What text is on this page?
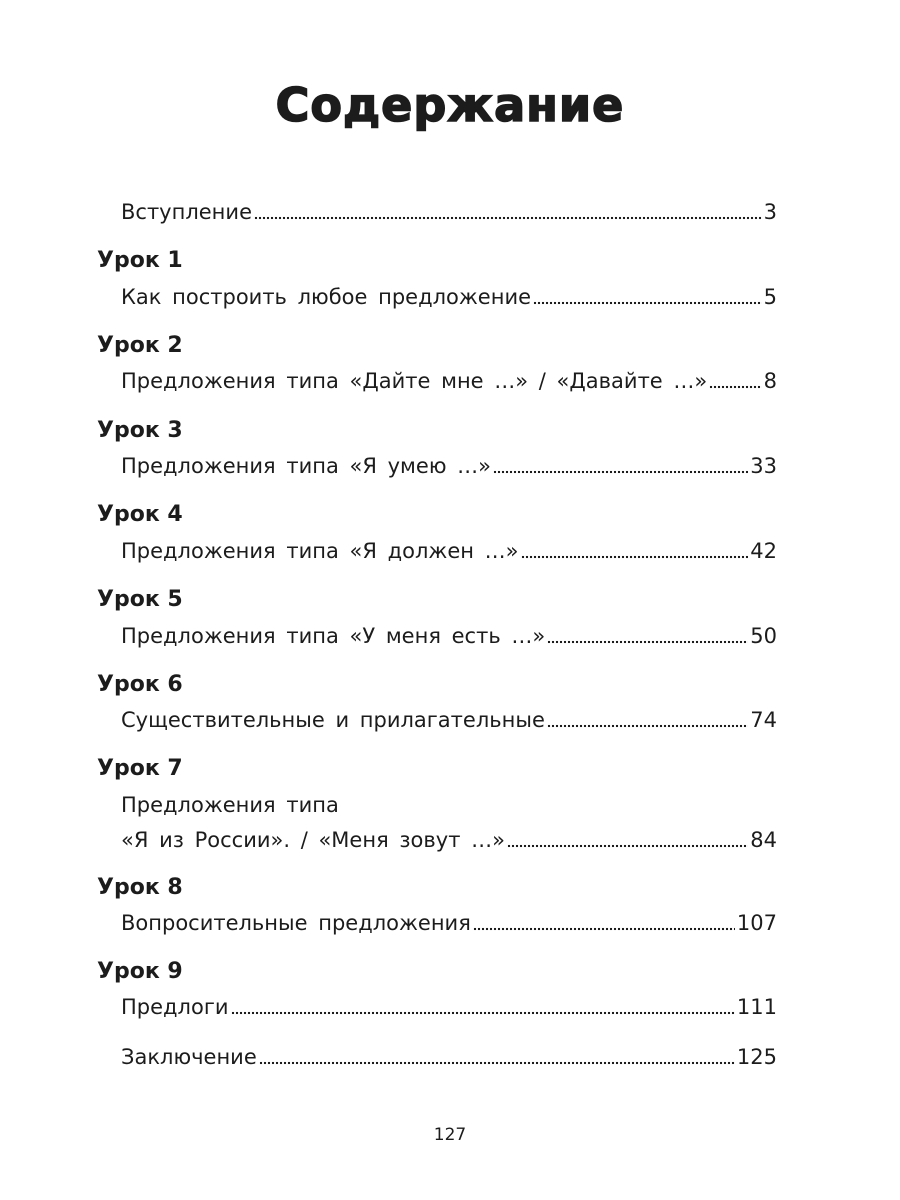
Содержание
Вступление	3
Урок 1
Как построить любое предложение	5
Урок 2
Предложения типа «Дайте мне …» / «Давайте …»	8
Урок 3
Предложения типа «Я умею …»	33
Урок 4
Предложения типа «Я должен …»	42
Урок 5
Предложения типа «У меня есть …»	50
Урок 6
Существительные и прилагательные	74
Урок 7
Предложения типа
«Я из России». / «Меня зовут …»	84
Урок 8
Вопросительные предложения	107
Урок 9
Предлоги	111
Заключение	125
127
